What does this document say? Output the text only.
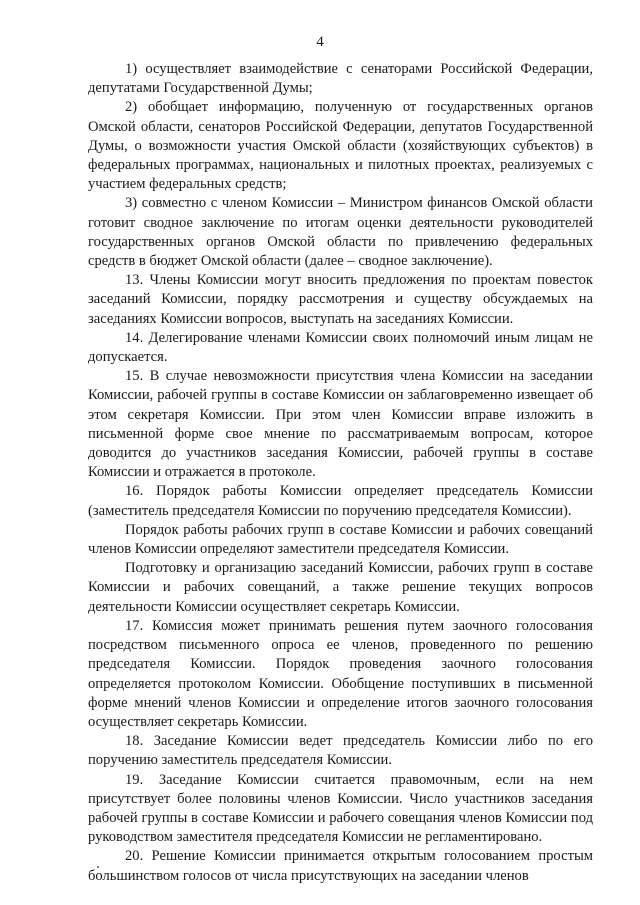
4

1) осуществляет взаимодействие с сенаторами Российской Федерации, депутатами Государственной Думы;

2) обобщает информацию, полученную от государственных органов Омской области, сенаторов Российской Федерации, депутатов Государственной Думы, о возможности участия Омской области (хозяйствующих субъектов) в федеральных программах, национальных и пилотных проектах, реализуемых с участием федеральных средств;

3) совместно с членом Комиссии – Министром финансов Омской области готовит сводное заключение по итогам оценки деятельности руководителей государственных органов Омской области по привлечению федеральных средств в бюджет Омской области (далее – сводное заключение).

13. Члены Комиссии могут вносить предложения по проектам повесток заседаний Комиссии, порядку рассмотрения и существу обсуждаемых на заседаниях Комиссии вопросов, выступать на заседаниях Комиссии.

14. Делегирование членами Комиссии своих полномочий иным лицам не допускается.

15. В случае невозможности присутствия члена Комиссии на заседании Комиссии, рабочей группы в составе Комиссии он заблаговременно извещает об этом секретаря Комиссии. При этом член Комиссии вправе изложить в письменной форме свое мнение по рассматриваемым вопросам, которое доводится до участников заседания Комиссии, рабочей группы в составе Комиссии и отражается в протоколе.

16. Порядок работы Комиссии определяет председатель Комиссии (заместитель председателя Комиссии по поручению председателя Комиссии).

Порядок работы рабочих групп в составе Комиссии и рабочих совещаний членов Комиссии определяют заместители председателя Комиссии.

Подготовку и организацию заседаний Комиссии, рабочих групп в составе Комиссии и рабочих совещаний, а также решение текущих вопросов деятельности Комиссии осуществляет секретарь Комиссии.

17. Комиссия может принимать решения путем заочного голосования посредством письменного опроса ее членов, проведенного по решению председателя Комиссии. Порядок проведения заочного голосования определяется протоколом Комиссии. Обобщение поступивших в письменной форме мнений членов Комиссии и определение итогов заочного голосования осуществляет секретарь Комиссии.

18. Заседание Комиссии ведет председатель Комиссии либо по его поручению заместитель председателя Комиссии.

19. Заседание Комиссии считается правомочным, если на нем присутствует более половины членов Комиссии. Число участников заседания рабочей группы в составе Комиссии и рабочего совещания членов Комиссии под руководством заместителя председателя Комиссии не регламентировано.

20. Решение Комиссии принимается открытым голосованием простым большинством голосов от числа присутствующих на заседании членов
